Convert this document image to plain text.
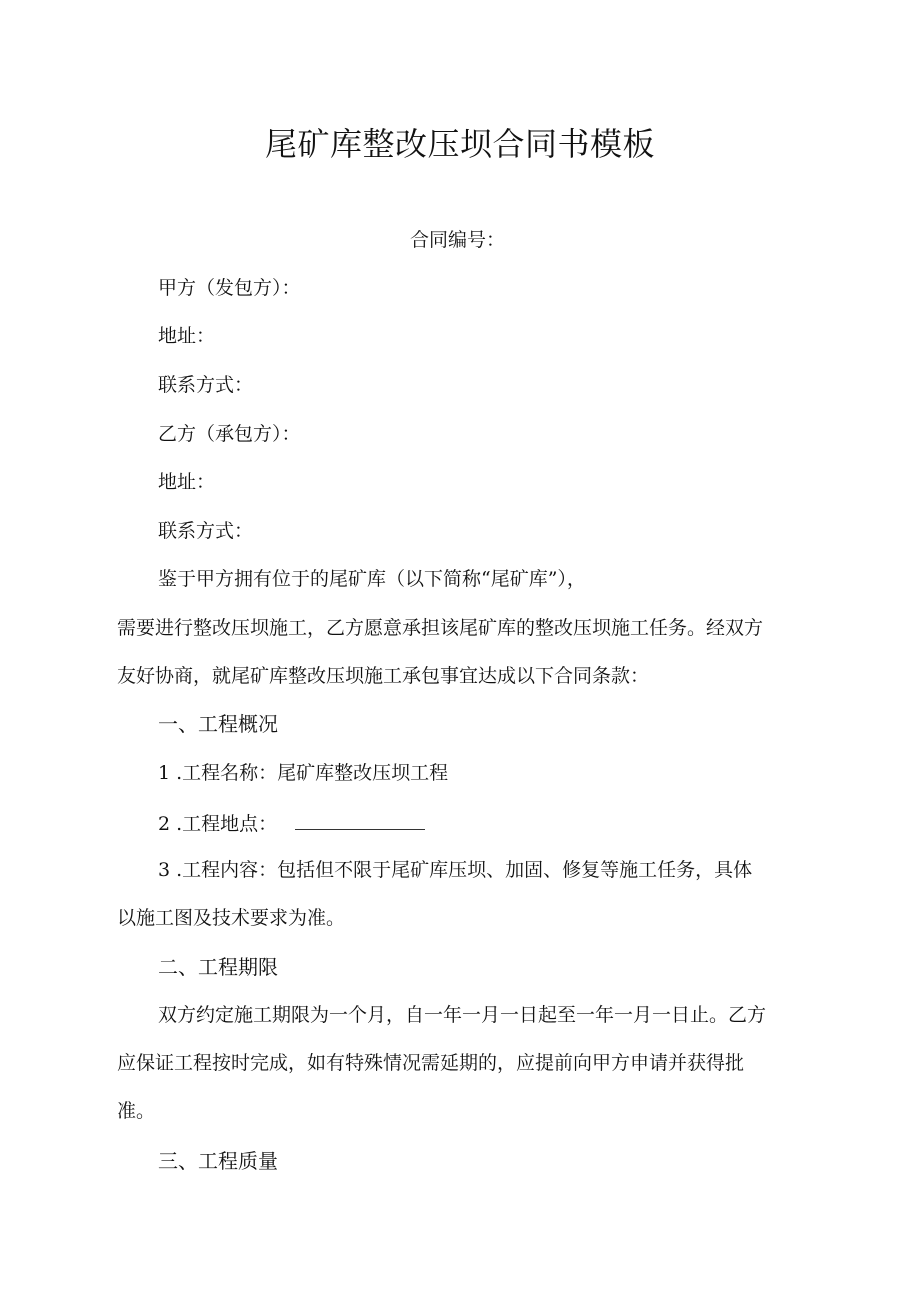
尾矿库整改压坝合同书模板
合同编号：
甲方（发包方）：
地址：
联系方式：
乙方（承包方）：
地址：
联系方式：
鉴于甲方拥有位于的尾矿库（以下简称“尾矿库”），
需要进行整改压坝施工，乙方愿意承担该尾矿库的整改压坝施工任务。经双方
友好协商，就尾矿库整改压坝施工承包事宜达成以下合同条款：
一、工程概况
1 .工程名称：尾矿库整改压坝工程
2 .工程地点：
3 .工程内容：包括但不限于尾矿库压坝、加固、修复等施工任务，具体
以施工图及技术要求为准。
二、工程期限
双方约定施工期限为一个月，自一年一月一日起至一年一月一日止。乙方
应保证工程按时完成，如有特殊情况需延期的，应提前向甲方申请并获得批
准。
三、工程质量
